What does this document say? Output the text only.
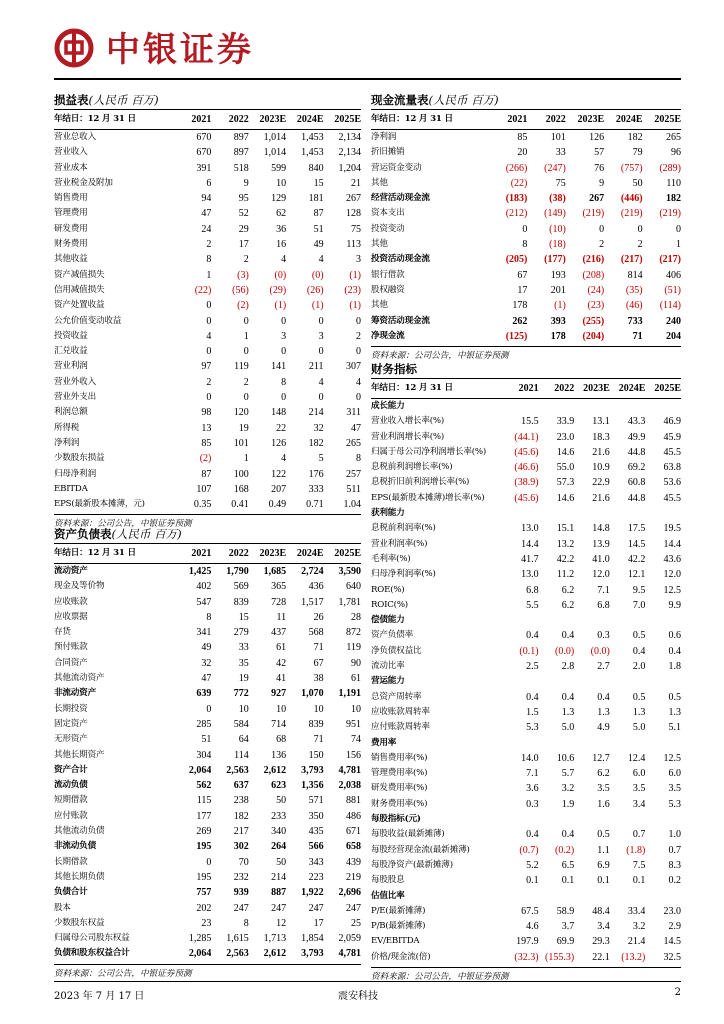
中银证券
损益表(人民币 百万)
年结日：12 月 31 日	2021	2022	2023E	2024E	2025E
营业总收入	670	897	1,014	1,453	2,134
营业收入	670	897	1,014	1,453	2,134
营业成本	391	518	599	840	1,204
营业税金及附加	6	9	10	15	21
销售费用	94	95	129	181	267
管理费用	47	52	62	87	128
研发费用	24	29	36	51	75
财务费用	2	17	16	49	113
其他收益	8	2	4	4	3
资产减值损失	1	(3)	(0)	(0)	(1)
信用减值损失	(22)	(56)	(29)	(26)	(23)
资产处置收益	0	(2)	(1)	(1)	(1)
公允价值变动收益	0	0	0	0	0
投资收益	4	1	3	3	2
汇兑收益	0	0	0	0	0
营业利润	97	119	141	211	307
营业外收入	2	2	8	4	4
营业外支出	0	0	0	0	0
利润总额	98	120	148	214	311
所得税	13	19	22	32	47
净利润	85	101	126	182	265
少数股东损益	(2)	1	4	5	8
归母净利润	87	100	122	176	257
EBITDA	107	168	207	333	511
EPS(最新股本摊薄，元)	0.35	0.41	0.49	0.71	1.04
资料来源：公司公告，中银证券预测
资产负债表(人民币 百万)
年结日：12 月 31 日	2021	2022	2023E	2024E	2025E
流动资产	1,425	1,790	1,685	2,724	3,590
现金及等价物	402	569	365	436	640
应收账款	547	839	728	1,517	1,781
应收票据	8	15	11	26	28
存货	341	279	437	568	872
预付账款	49	33	61	71	119
合同资产	32	35	42	67	90
其他流动资产	47	19	41	38	61
非流动资产	639	772	927	1,070	1,191
长期投资	0	10	10	10	10
固定资产	285	584	714	839	951
无形资产	51	64	68	71	74
其他长期资产	304	114	136	150	156
资产合计	2,064	2,563	2,612	3,793	4,781
流动负债	562	637	623	1,356	2,038
短期借款	115	238	50	571	881
应付账款	177	182	233	350	486
其他流动负债	269	217	340	435	671
非流动负债	195	302	264	566	658
长期借款	0	70	50	343	439
其他长期负债	195	232	214	223	219
负债合计	757	939	887	1,922	2,696
股本	202	247	247	247	247
少数股东权益	23	8	12	17	25
归属母公司股东权益	1,285	1,615	1,713	1,854	2,059
负债和股东权益合计	2,064	2,563	2,612	3,793	4,781
资料来源：公司公告，中银证券预测
现金流量表(人民币 百万)
年结日：12 月 31 日	2021	2022	2023E	2024E	2025E
净利润	85	101	126	182	265
折旧摊销	20	33	57	79	96
营运资金变动	(266)	(247)	76	(757)	(289)
其他	(22)	75	9	50	110
经营活动现金流	(183)	(38)	267	(446)	182
资本支出	(212)	(149)	(219)	(219)	(219)
投资变动	0	(10)	0	0	0
其他	8	(18)	2	2	1
投资活动现金流	(205)	(177)	(216)	(217)	(217)
银行借款	67	193	(208)	814	406
股权融资	17	201	(24)	(35)	(51)
其他	178	(1)	(23)	(46)	(114)
筹资活动现金流	262	393	(255)	733	240
净现金流	(125)	178	(204)	71	204
资料来源：公司公告，中银证券预测
财务指标
年结日：12 月 31 日	2021	2022	2023E	2024E	2025E
成长能力					
营业收入增长率(%)	15.5	33.9	13.1	43.3	46.9
营业利润增长率(%)	(44.1)	23.0	18.3	49.9	45.9
归属于母公司净利润增长率(%)	(45.6)	14.6	21.6	44.8	45.5
息税前利润增长率(%)	(46.6)	55.0	10.9	69.2	63.8
息税折旧前利润增长率(%)	(38.9)	57.3	22.9	60.8	53.6
EPS(最新股本摊薄)增长率(%)	(45.6)	14.6	21.6	44.8	45.5
获利能力					
息税前利润率(%)	13.0	15.1	14.8	17.5	19.5
营业利润率(%)	14.4	13.2	13.9	14.5	14.4
毛利率(%)	41.7	42.2	41.0	42.2	43.6
归母净利润率(%)	13.0	11.2	12.0	12.1	12.0
ROE(%)	6.8	6.2	7.1	9.5	12.5
ROIC(%)	5.5	6.2	6.8	7.0	9.9
偿债能力					
资产负债率	0.4	0.4	0.3	0.5	0.6
净负债权益比	(0.1)	(0.0)	(0.0)	0.4	0.4
流动比率	2.5	2.8	2.7	2.0	1.8
营运能力					
总资产周转率	0.4	0.4	0.4	0.5	0.5
应收账款周转率	1.5	1.3	1.3	1.3	1.3
应付账款周转率	5.3	5.0	4.9	5.0	5.1
费用率					
销售费用率(%)	14.0	10.6	12.7	12.4	12.5
管理费用率(%)	7.1	5.7	6.2	6.0	6.0
研发费用率(%)	3.6	3.2	3.5	3.5	3.5
财务费用率(%)	0.3	1.9	1.6	3.4	5.3
每股指标(元)					
每股收益(最新摊薄)	0.4	0.4	0.5	0.7	1.0
每股经营现金流(最新摊薄)	(0.7)	(0.2)	1.1	(1.8)	0.7
每股净资产(最新摊薄)	5.2	6.5	6.9	7.5	8.3
每股股息	0.1	0.1	0.1	0.1	0.2
估值比率					
P/E(最新摊薄)	67.5	58.9	48.4	33.4	23.0
P/B(最新摊薄)	4.6	3.7	3.4	3.2	2.9
EV/EBITDA	197.9	69.9	29.3	21.4	14.5
价格/现金流(倍)	(32.3)	(155.3)	22.1	(13.2)	32.5
资料来源：公司公告，中银证券预测
2023 年 7 月 17 日	震安科技	2
